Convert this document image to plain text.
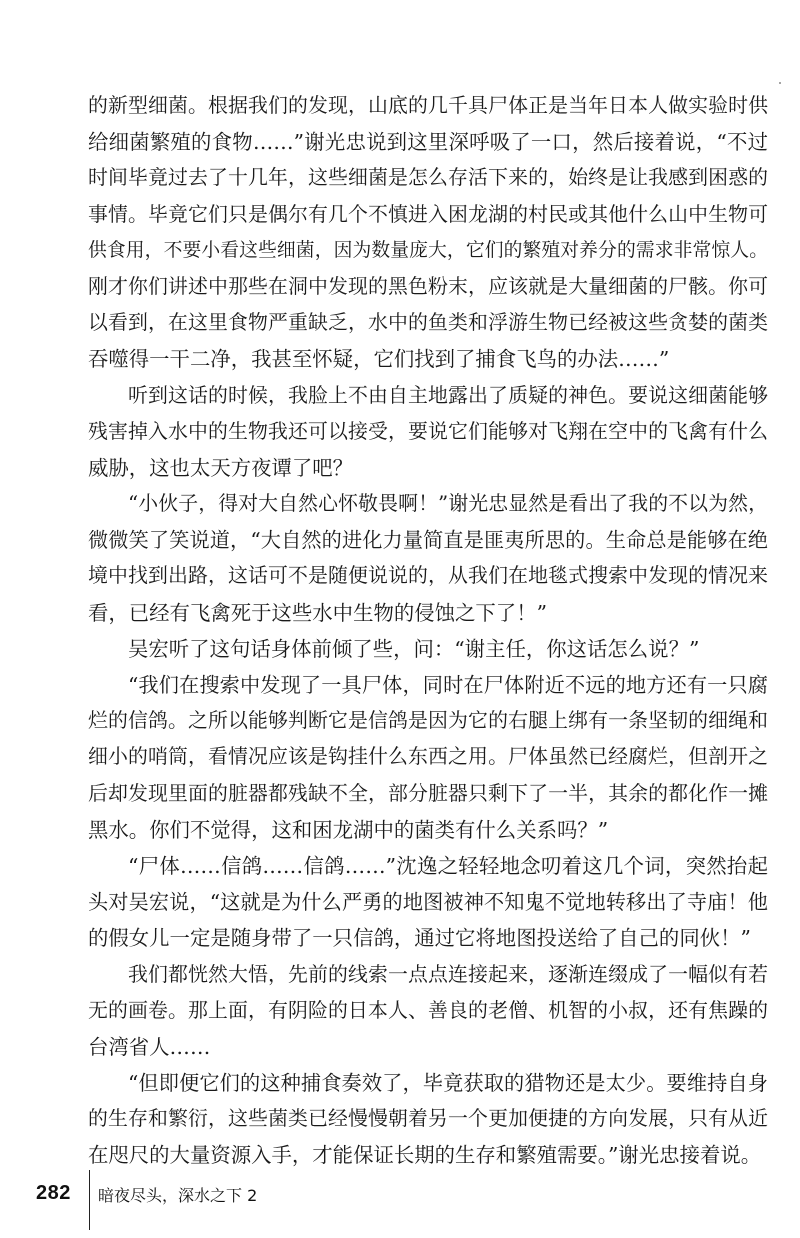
的新型细菌。根据我们的发现，山底的几千具尸体正是当年日本人做实验时供
给细菌繁殖的食物……”谢光忠说到这里深呼吸了一口，然后接着说，“不过
时间毕竟过去了十几年，这些细菌是怎么存活下来的，始终是让我感到困惑的
事情。毕竟它们只是偶尔有几个不慎进入困龙湖的村民或其他什么山中生物可
供食用，不要小看这些细菌，因为数量庞大，它们的繁殖对养分的需求非常惊人。
刚才你们讲述中那些在洞中发现的黑色粉末，应该就是大量细菌的尸骸。你可
以看到，在这里食物严重缺乏，水中的鱼类和浮游生物已经被这些贪婪的菌类
吞噬得一干二净，我甚至怀疑，它们找到了捕食飞鸟的办法……”
听到这话的时候，我脸上不由自主地露出了质疑的神色。要说这细菌能够
残害掉入水中的生物我还可以接受，要说它们能够对飞翔在空中的飞禽有什么
威胁，这也太天方夜谭了吧？
“小伙子，得对大自然心怀敬畏啊！”谢光忠显然是看出了我的不以为然，
微微笑了笑说道，“大自然的进化力量简直是匪夷所思的。生命总是能够在绝
境中找到出路，这话可不是随便说说的，从我们在地毯式搜索中发现的情况来
看，已经有飞禽死于这些水中生物的侵蚀之下了！”
吴宏听了这句话身体前倾了些，问：“谢主任，你这话怎么说？”
“我们在搜索中发现了一具尸体，同时在尸体附近不远的地方还有一只腐
烂的信鸽。之所以能够判断它是信鸽是因为它的右腿上绑有一条坚韧的细绳和
细小的哨筒，看情况应该是钩挂什么东西之用。尸体虽然已经腐烂，但剖开之
后却发现里面的脏器都残缺不全，部分脏器只剩下了一半，其余的都化作一摊
黑水。你们不觉得，这和困龙湖中的菌类有什么关系吗？”
“尸体……信鸽……信鸽……”沈逸之轻轻地念叨着这几个词，突然抬起
头对吴宏说，“这就是为什么严勇的地图被神不知鬼不觉地转移出了寺庙！他
的假女儿一定是随身带了一只信鸽，通过它将地图投送给了自己的同伙！”
我们都恍然大悟，先前的线索一点点连接起来，逐渐连缀成了一幅似有若
无的画卷。那上面，有阴险的日本人、善良的老僧、机智的小叔，还有焦躁的
台湾省人……
“但即便它们的这种捕食奏效了，毕竟获取的猎物还是太少。要维持自身
的生存和繁衍，这些菌类已经慢慢朝着另一个更加便捷的方向发展，只有从近
在咫尺的大量资源入手，才能保证长期的生存和繁殖需要。”谢光忠接着说。
282 暗夜尽头，深水之下 2
